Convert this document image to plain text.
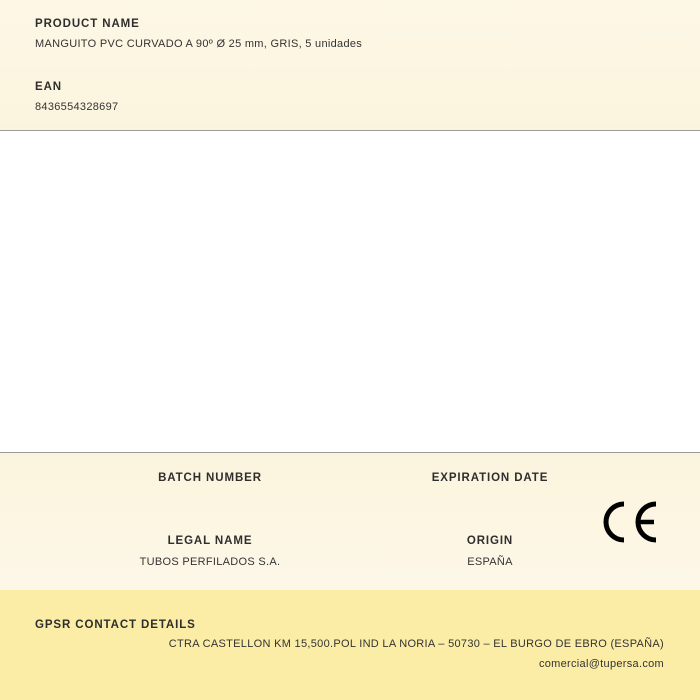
PRODUCT NAME
MANGUITO PVC CURVADO A 90º Ø 25 mm, GRIS, 5 unidades
EAN
8436554328697
BATCH NUMBER	EXPIRATION DATE
LEGAL NAME
TUBOS PERFILADOS S.A.
ORIGIN
ESPAÑA
GPSR CONTACT DETAILS
CTRA CASTELLON KM 15,500.POL IND LA NORIA – 50730 – EL BURGO DE EBRO (ESPAÑA)
comercial@tupersa.com
